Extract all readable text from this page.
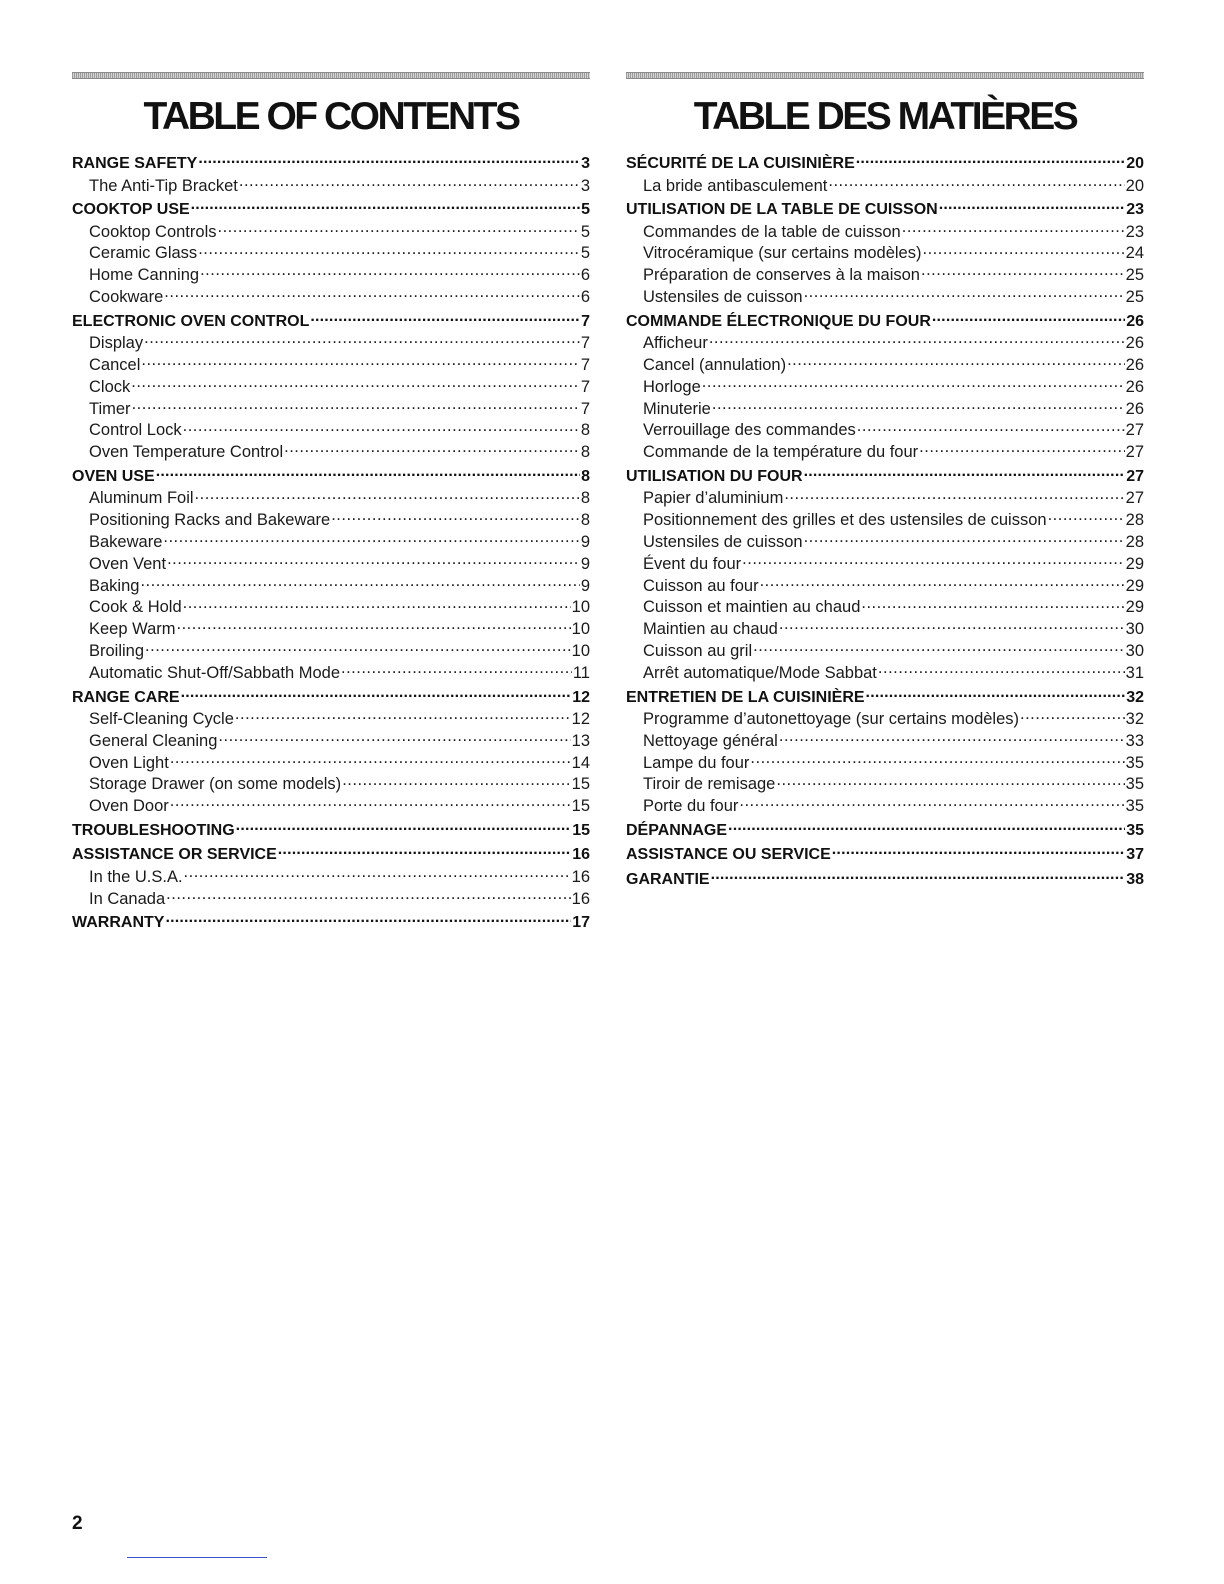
TABLE OF CONTENTS
RANGE SAFETY .....	3
The Anti-Tip Bracket .....	3
COOKTOP USE .....	5
Cooktop Controls .....	5
Ceramic Glass .....	5
Home Canning .....	6
Cookware .....	6
ELECTRONIC OVEN CONTROL .....	7
Display .....	7
Cancel .....	7
Clock .....	7
Timer .....	7
Control Lock .....	8
Oven Temperature Control .....	8
OVEN USE .....	8
Aluminum Foil .....	8
Positioning Racks and Bakeware .....	8
Bakeware .....	9
Oven Vent .....	9
Baking .....	9
Cook & Hold .....	10
Keep Warm .....	10
Broiling .....	10
Automatic Shut-Off/Sabbath Mode .....	11
RANGE CARE .....	12
Self-Cleaning Cycle .....	12
General Cleaning .....	13
Oven Light .....	14
Storage Drawer (on some models) .....	15
Oven Door .....	15
TROUBLESHOOTING .....	15
ASSISTANCE OR SERVICE .....	16
In the U.S.A. .....	16
In Canada .....	16
WARRANTY .....	17
TABLE DES MATIÈRES
SÉCURITÉ DE LA CUISINIÈRE .....	20
La bride antibasculement .....	20
UTILISATION DE LA TABLE DE CUISSON .....	23
Commandes de la table de cuisson .....	23
Vitrocéramique (sur certains modèles) .....	24
Préparation de conserves à la maison .....	25
Ustensiles de cuisson .....	25
COMMANDE ÉLECTRONIQUE DU FOUR .....	26
Afficheur .....	26
Cancel (annulation) .....	26
Horloge .....	26
Minuterie .....	26
Verrouillage des commandes .....	27
Commande de la température du four .....	27
UTILISATION DU FOUR .....	27
Papier d’aluminium .....	27
Positionnement des grilles et des ustensiles de cuisson .....	28
Ustensiles de cuisson .....	28
Évent du four .....	29
Cuisson au four .....	29
Cuisson et maintien au chaud .....	29
Maintien au chaud .....	30
Cuisson au gril .....	30
Arrêt automatique/Mode Sabbat .....	31
ENTRETIEN DE LA CUISINIÈRE .....	32
Programme d’autonettoyage (sur certains modèles) .....	32
Nettoyage général .....	33
Lampe du four .....	35
Tiroir de remisage .....	35
Porte du four .....	35
DÉPANNAGE .....	35
ASSISTANCE OU SERVICE .....	37
GARANTIE .....	38
2
